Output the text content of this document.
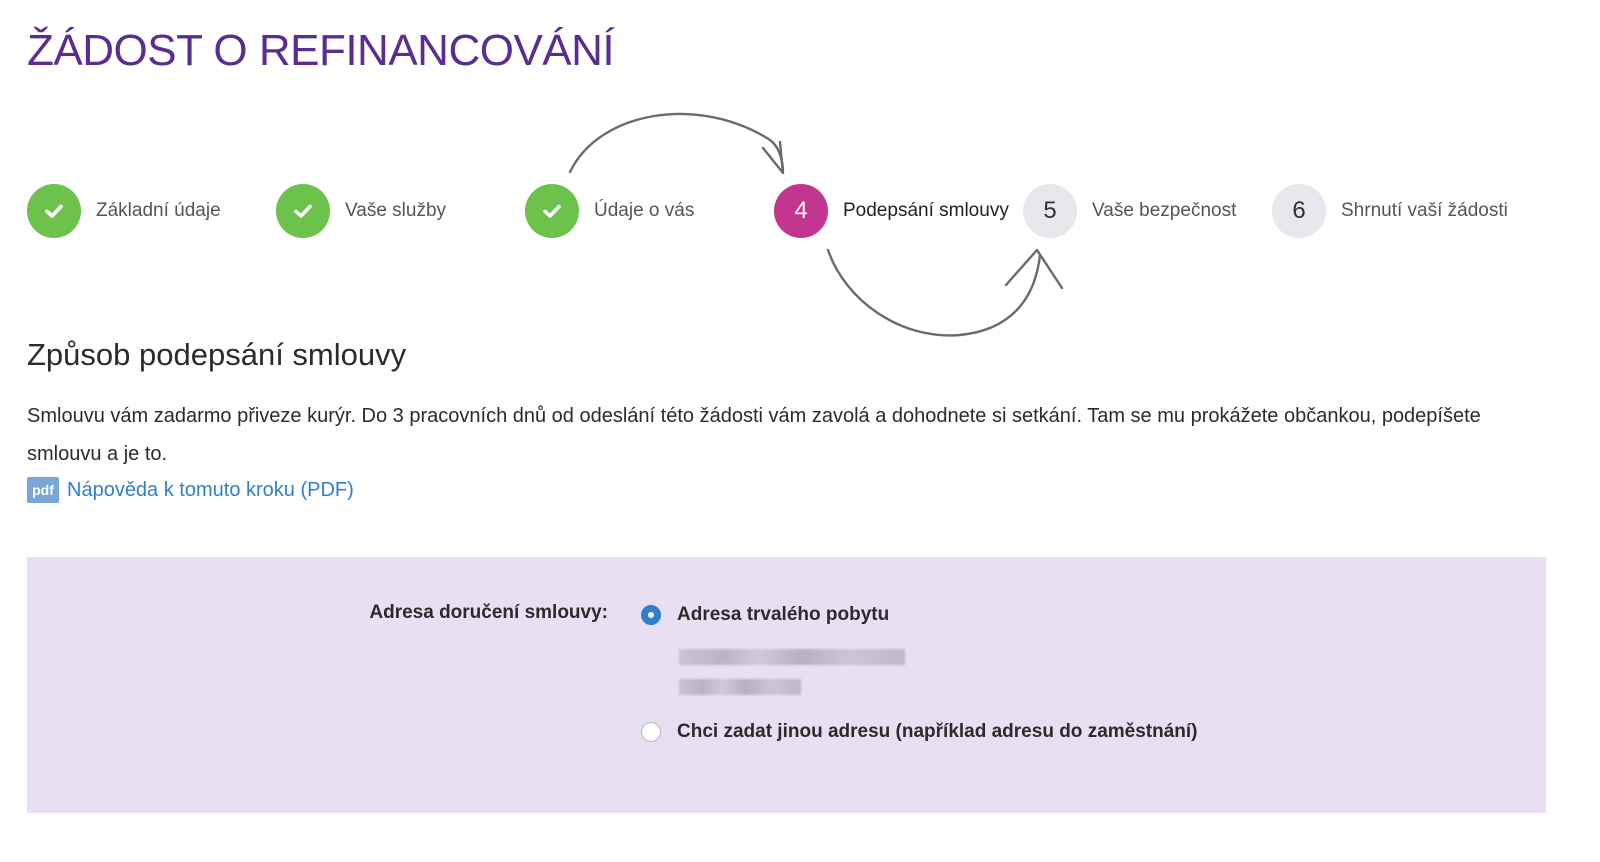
ŽÁDOST O REFINANCOVÁNÍ
Základní údaje	Vaše služby	Údaje o vás	4	Podepsání smlouvy	5	Vaše bezpečnost	6	Shrnutí vaší žádosti
Způsob podepsání smlouvy

Smlouvu vám zadarmo přiveze kurýr. Do 3 pracovních dnů od odeslání této žádosti vám zavolá a dohodnete si setkání. Tam se mu prokážete občankou, podepíšete smlouvu a je to.

pdf Nápověda k tomuto kroku (PDF)
Adresa doručení smlouvy:	Adresa trvalého pobytu
Chci zadat jinou adresu (například adresu do zaměstnání)
